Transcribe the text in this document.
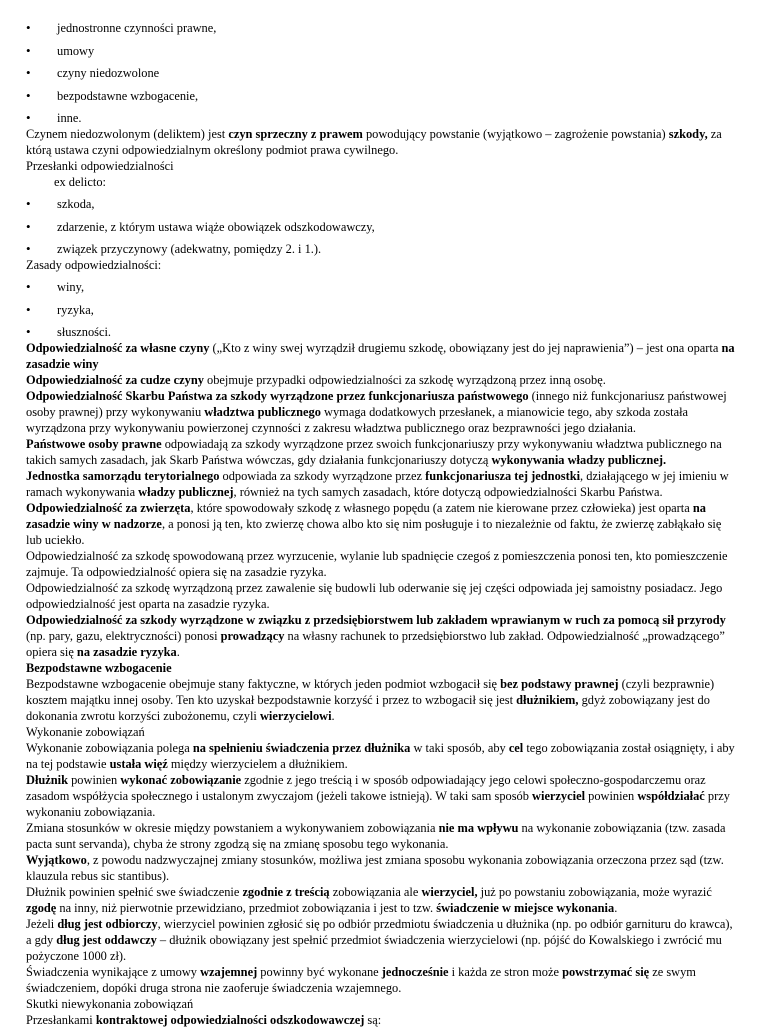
• jednostronne czynności prawne,
• umowy
• czyny niedozwolone
• bezpodstawne wzbogacenie,
• inne.

Czynem niedozwolonym (deliktem) jest czyn sprzeczny z prawem powodujący powstanie (wyjątkowo – zagrożenie powstania) szkody, za którą ustawa czyni odpowiedzialnym określony podmiot prawa cywilnego.

Przesłanki odpowiedzialności

ex delicto:

• szkoda,
• zdarzenie, z którym ustawa wiąże obowiązek odszkodowawczy,
• związek przyczynowy (adekwatny, pomiędzy 2. i 1.).

Zasady odpowiedzialności:

• winy,
• ryzyka,
• słuszności.

Odpowiedzialność za własne czyny („Kto z winy swej wyrządził drugiemu szkodę, obowiązany jest do jej naprawienia”) – jest ona oparta na zasadzie winy

Odpowiedzialność za cudze czyny obejmuje przypadki odpowiedzialności za szkodę wyrządzoną przez inną osobę.

Odpowiedzialność Skarbu Państwa za szkody wyrządzone przez funkcjonariusza państwowego (innego niż funkcjonariusz państwowej osoby prawnej) przy wykonywaniu władztwa publicznego wymaga dodatkowych przesłanek, a mianowicie tego, aby szkoda została wyrządzona przy wykonywaniu powierzonej czynności z zakresu władztwa publicznego oraz bezprawności jego działania.

Państwowe osoby prawne odpowiadają za szkody wyrządzone przez swoich funkcjonariuszy przy wykonywaniu władztwa publicznego na takich samych zasadach, jak Skarb Państwa wówczas, gdy działania funkcjonariuszy dotyczą wykonywania władzy publicznej.

Jednostka samorządu terytorialnego odpowiada za szkody wyrządzone przez funkcjonariusza tej jednostki, działającego w jej imieniu w ramach wykonywania władzy publicznej, również na tych samych zasadach, które dotyczą odpowiedzialności Skarbu Państwa.

Odpowiedzialność za zwierzęta, które spowodowały szkodę z własnego popędu (a zatem nie kierowane przez człowieka) jest oparta na zasadzie winy w nadzorze, a ponosi ją ten, kto zwierzę chowa albo kto się nim posługuje i to niezależnie od faktu, że zwierzę zabłąkało się lub uciekło.

Odpowiedzialność za szkodę spowodowaną przez wyrzucenie, wylanie lub spadnięcie czegoś z pomieszczenia ponosi ten, kto pomieszczenie zajmuje. Ta odpowiedzialność opiera się na zasadzie ryzyka.

Odpowiedzialność za szkodę wyrządzoną przez zawalenie się budowli lub oderwanie się jej części odpowiada jej samoistny posiadacz. Jego odpowiedzialność jest oparta na zasadzie ryzyka.

Odpowiedzialność za szkody wyrządzone w związku z przedsiębiorstwem lub zakładem wprawianym w ruch za pomocą sił przyrody (np. pary, gazu, elektryczności) ponosi prowadzący na własny rachunek to przedsiębiorstwo lub zakład. Odpowiedzialność „prowadzącego” opiera się na zasadzie ryzyka.

Bezpodstawne wzbogacenie

Bezpodstawne wzbogacenie obejmuje stany faktyczne, w których jeden podmiot wzbogacił się bez podstawy prawnej (czyli bezprawnie) kosztem majątku innej osoby. Ten kto uzyskał bezpodstawnie korzyść i przez to wzbogacił się jest dłużnikiem, gdyż zobowiązany jest do dokonania zwrotu korzyści zubożonemu, czyli wierzycielowi.

Wykonanie zobowiązań

Wykonanie zobowiązania polega na spełnieniu świadczenia przez dłużnika w taki sposób, aby cel tego zobowiązania został osiągnięty, i aby na tej podstawie ustała więź między wierzycielem a dłużnikiem.

Dłużnik powinien wykonać zobowiązanie zgodnie z jego treścią i w sposób odpowiadający jego celowi społeczno-gospodarczemu oraz zasadom współżycia społecznego i ustalonym zwyczajom (jeżeli takowe istnieją). W taki sam sposób wierzyciel powinien współdziałać przy wykonaniu zobowiązania.

Zmiana stosunków w okresie między powstaniem a wykonywaniem zobowiązania nie ma wpływu na wykonanie zobowiązania (tzw. zasada pacta sunt servanda), chyba że strony zgodzą się na zmianę sposobu tego wykonania.

Wyjątkowo, z powodu nadzwyczajnej zmiany stosunków, możliwa jest zmiana sposobu wykonania zobowiązania orzeczona przez sąd (tzw. klauzula rebus sic stantibus).

Dłużnik powinien spełnić swe świadczenie zgodnie z treścią zobowiązania ale wierzyciel, już po powstaniu zobowiązania, może wyrazić zgodę na inny, niż pierwotnie przewidziano, przedmiot zobowiązania i jest to tzw. świadczenie w miejsce wykonania.

Jeżeli dług jest odbiorczy, wierzyciel powinien zgłosić się po odbiór przedmiotu świadczenia u dłużnika (np. po odbiór garnituru do krawca), a gdy dług jest oddawczy – dłużnik obowiązany jest spełnić przedmiot świadczenia wierzycielowi (np. pójść do Kowalskiego i zwrócić mu pożyczone 1000 zł).

Świadczenia wynikające z umowy wzajemnej powinny być wykonane jednocześnie i każda ze stron może powstrzymać się ze swym świadczeniem, dopóki druga strona nie zaoferuje świadczenia wzajemnego.

Skutki niewykonania zobowiązań

Przesłankami kontraktowej odpowiedzialności odszkodowawczej są:
